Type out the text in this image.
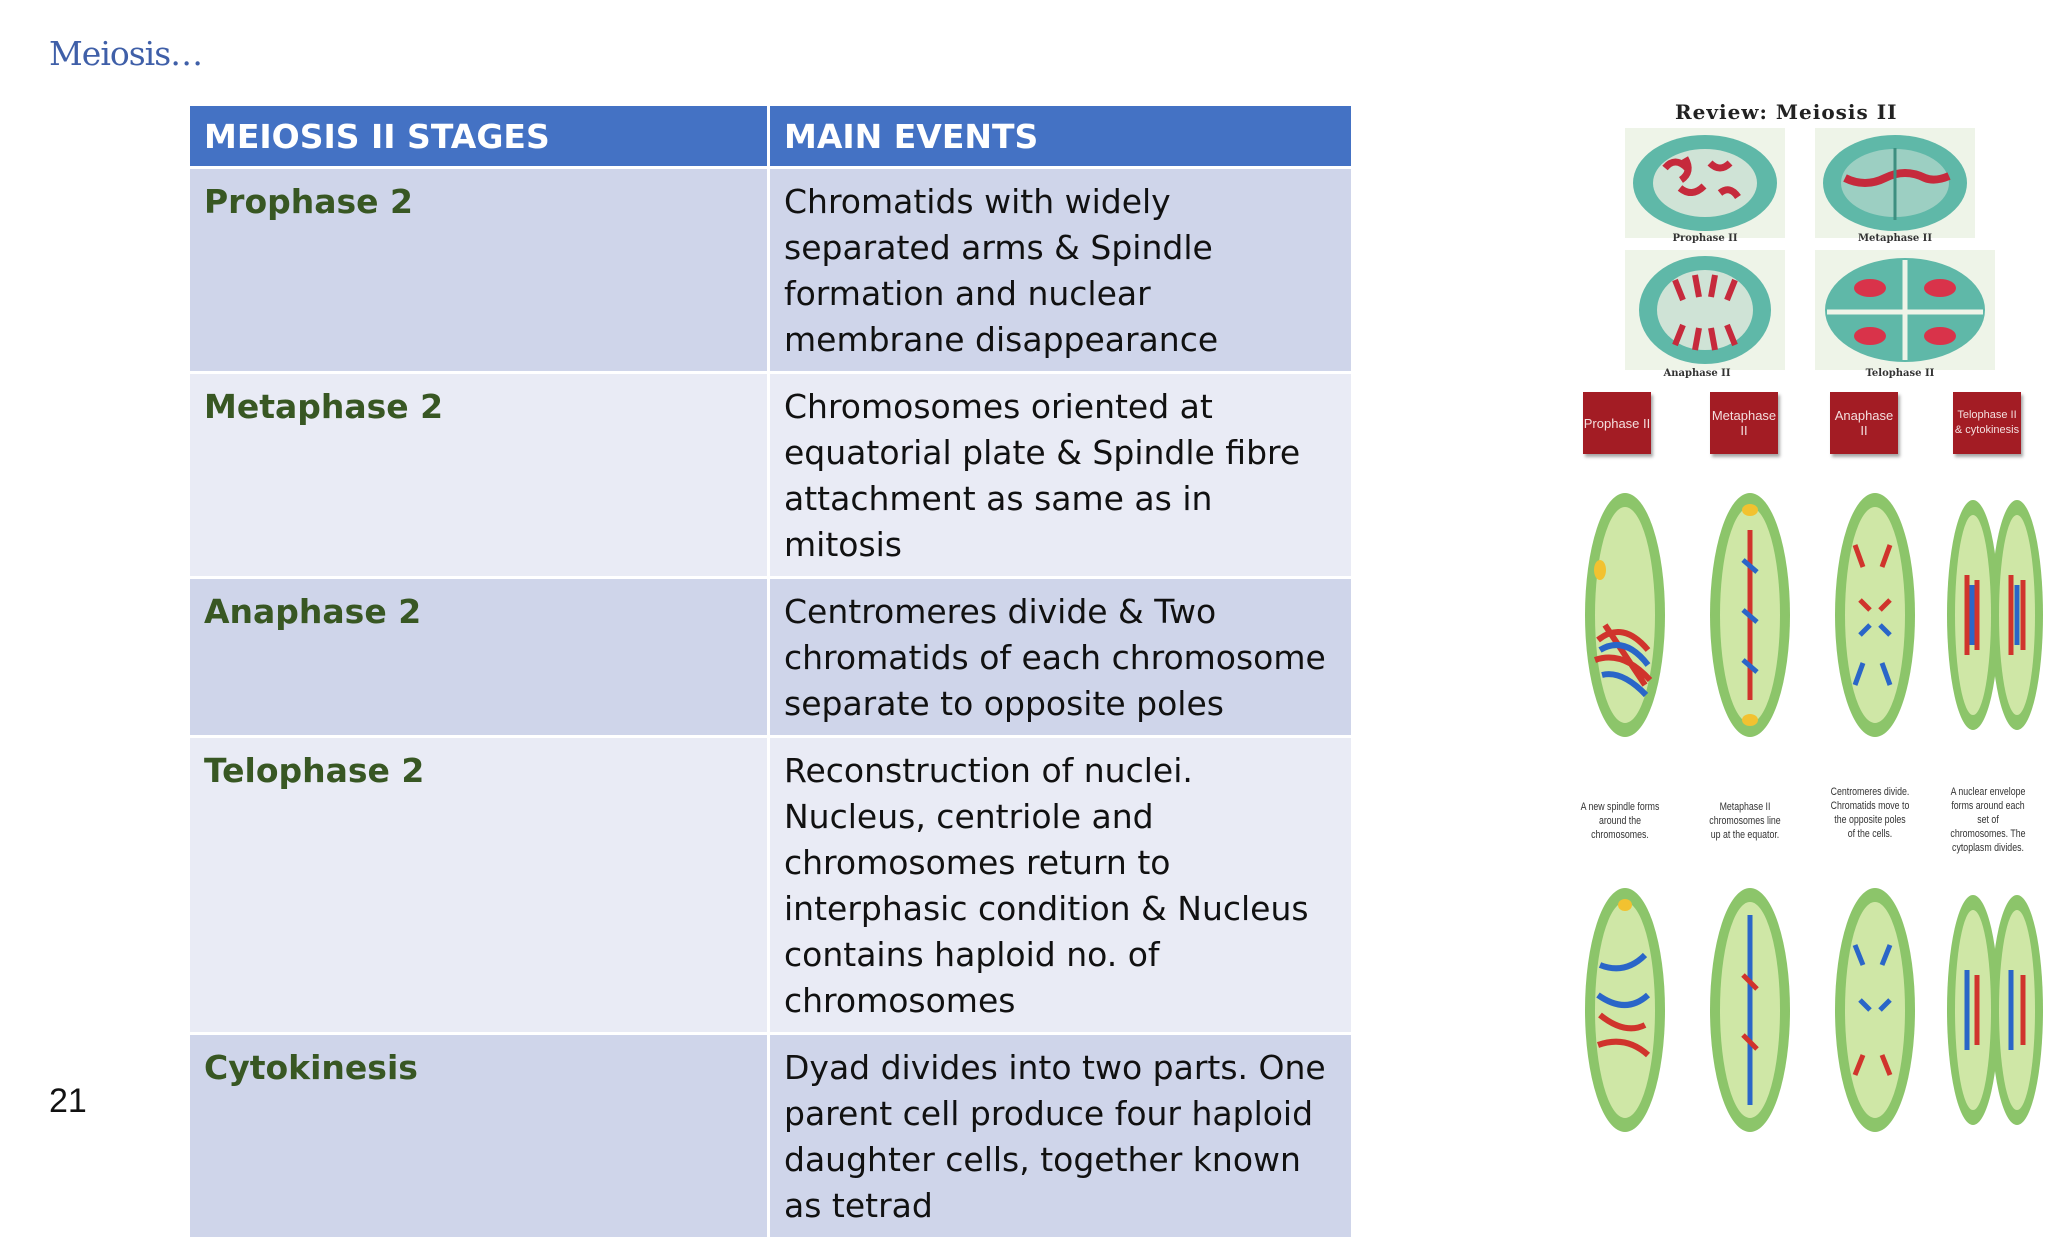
Meiosis…
MEIOSIS II STAGES	MAIN EVENTS
Prophase 2	Chromatids with widely separated arms & Spindle formation and nuclear membrane disappearance
Metaphase 2	Chromosomes oriented at equatorial plate & Spindle fibre attachment as same as in mitosis
Anaphase 2	Centromeres divide & Two chromatids of each chromosome separate to opposite poles
Telophase 2	Reconstruction of nuclei. Nucleus, centriole and chromosomes return to interphasic condition & Nucleus contains haploid no. of chromosomes
Cytokinesis	Dyad divides into two parts. One parent cell produce four haploid daughter cells, together known as tetrad
21
Review: Meiosis II
Prophase II	Metaphase II
Anaphase II	Telophase II
Prophase II	Metaphase II
Anaphase II
Telophase II & cytokinesis
A new spindle forms around the chromosomes.
Metaphase II chromosomes line up at the equator.
Centromeres divide. Chromatids move to the opposite poles of the cells.
A nuclear envelope forms around each set of chromosomes. The cytoplasm divides.
